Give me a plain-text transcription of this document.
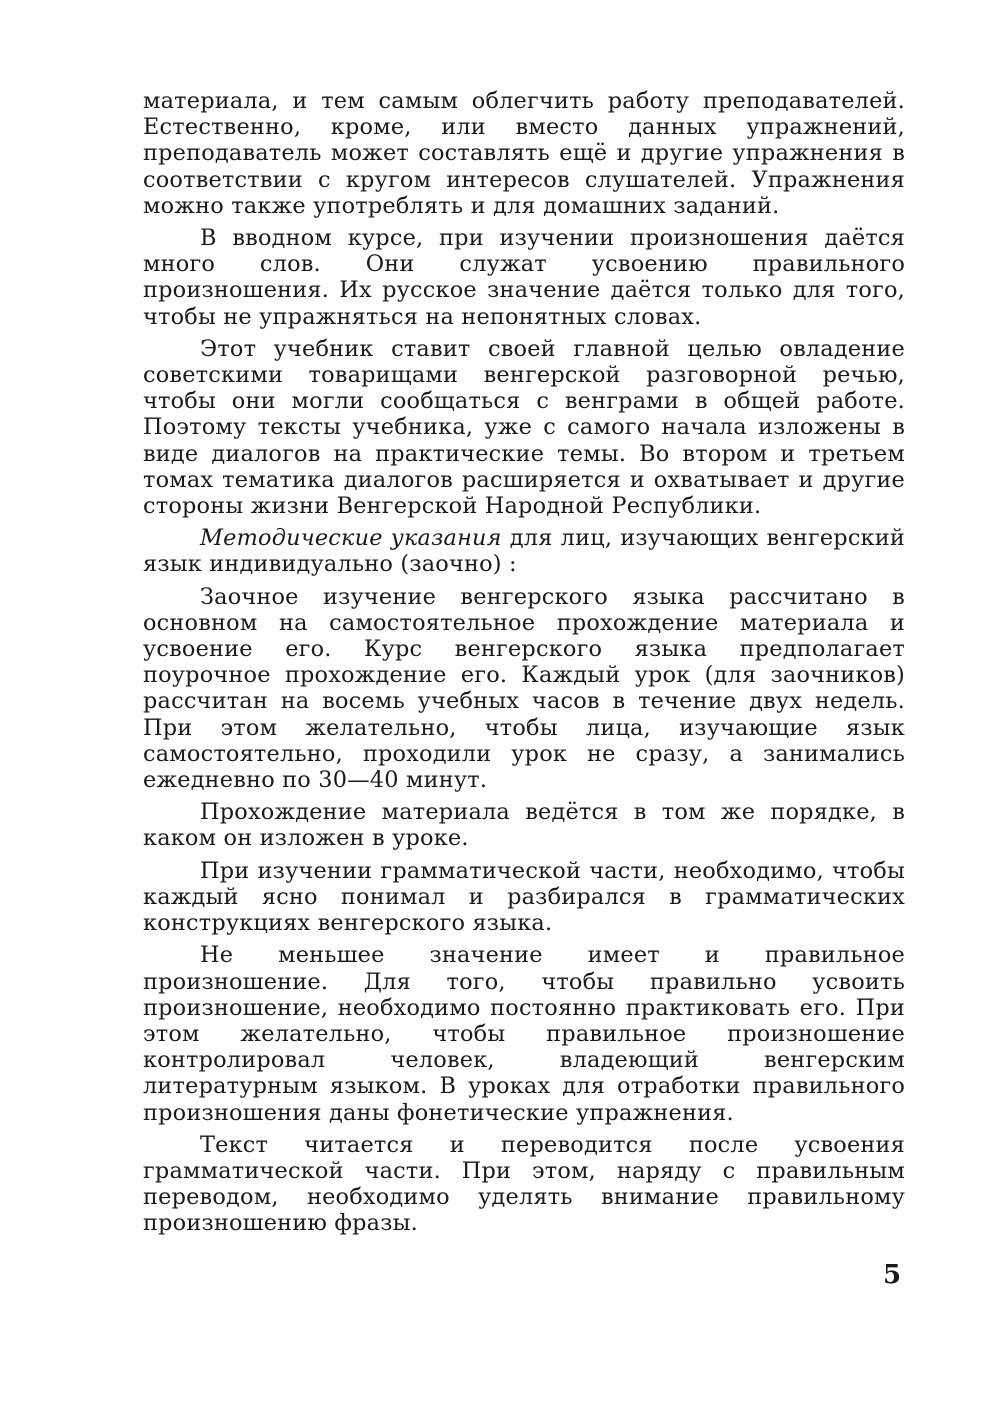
материала, и тем самым облегчить работу преподавателей. Естественно, кроме, или вместо данных упражнений, преподаватель может составлять ещё и другие упражнения в соответствии с кругом интересов слушателей. Упражнения можно также употреблять и для домашних заданий.

В вводном курсе, при изучении произношения даётся много слов. Они служат усвоению правильного произношения. Их русское значение даётся только для того, чтобы не упражняться на непонятных словах.

Этот учебник ставит своей главной целью овладение советскими товарищами венгерской разговорной речью, чтобы они могли сообщаться с венграми в общей работе. Поэтому тексты учебника, уже с самого начала изложены в виде диалогов на практические темы. Во втором и третьем томах тематика диалогов расширяется и охватывает и другие стороны жизни Венгерской Народной Республики.

Методические указания для лиц, изучающих венгерский язык индивидуально (заочно) :

Заочное изучение венгерского языка рассчитано в основном на самостоятельное прохождение материала и усвоение его. Курс венгерского языка предполагает поурочное прохождение его. Каждый урок (для заочников) рассчитан на восемь учебных часов в течение двух недель. При этом желательно, чтобы лица, изучающие язык самостоятельно, проходили урок не сразу, а занимались ежедневно по 30—40 минут.

Прохождение материала ведётся в том же порядке, в каком он изложен в уроке.

При изучении грамматической части, необходимо, чтобы каждый ясно понимал и разбирался в грамматических конструкциях венгерского языка.

Не меньшее значение имеет и правильное произношение. Для того, чтобы правильно усвоить произношение, необходимо постоянно практиковать его. При этом желательно, чтобы правильное произношение контролировал человек, владеющий венгерским литературным языком. В уроках для отработки правильного произношения даны фонетические упражнения.

Текст читается и переводится после усвоения грамматической части. При этом, наряду с правильным переводом, необходимо уделять внимание правильному произношению фразы.

5
